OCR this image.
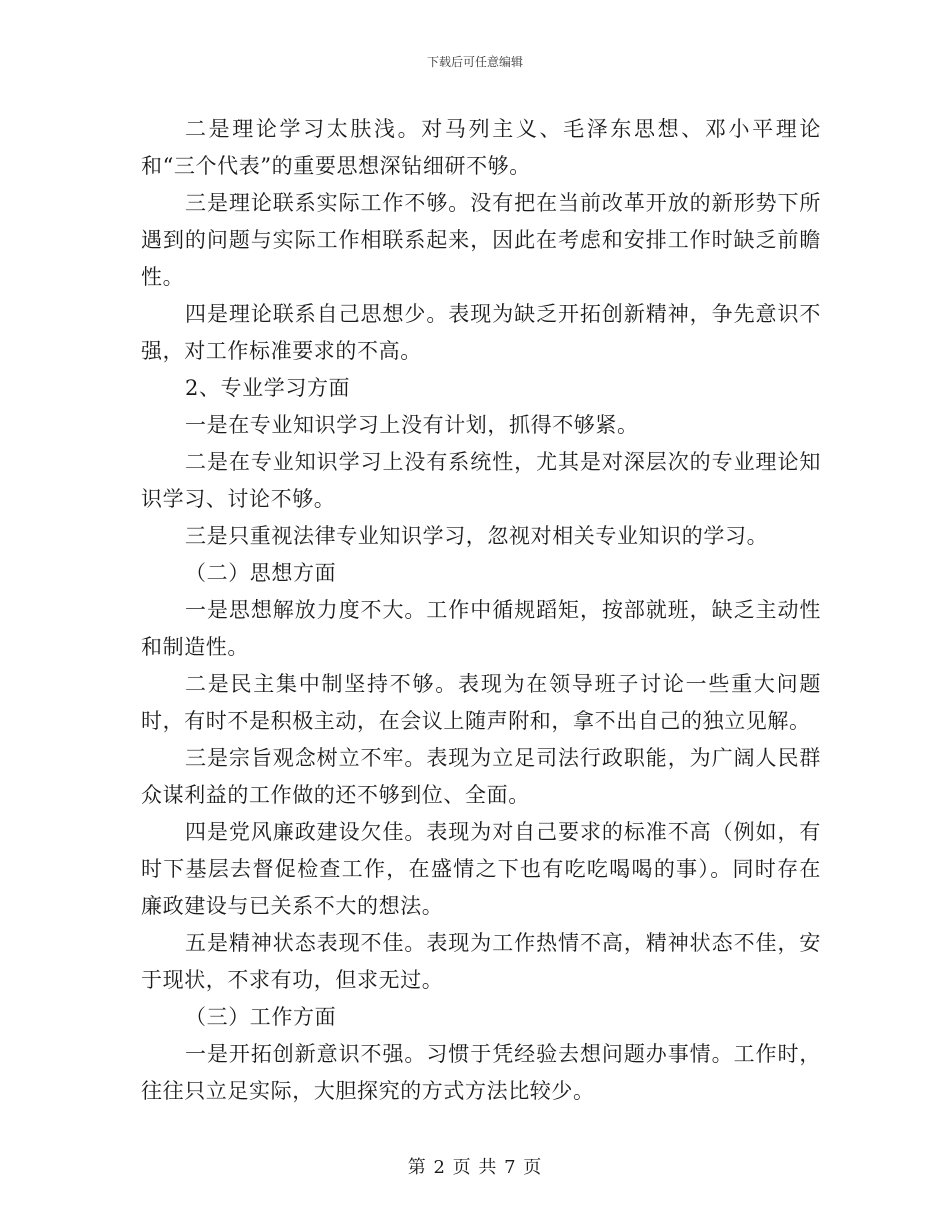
下载后可任意编辑

二是理论学习太肤浅。对马列主义、毛泽东思想、邓小平理论和“三个代表”的重要思想深钻细研不够。

三是理论联系实际工作不够。没有把在当前改革开放的新形势下所遇到的问题与实际工作相联系起来，因此在考虑和安排工作时缺乏前瞻性。

四是理论联系自己思想少。表现为缺乏开拓创新精神，争先意识不强，对工作标准要求的不高。

2、专业学习方面

一是在专业知识学习上没有计划，抓得不够紧。

二是在专业知识学习上没有系统性，尤其是对深层次的专业理论知识学习、讨论不够。

三是只重视法律专业知识学习，忽视对相关专业知识的学习。

（二）思想方面

一是思想解放力度不大。工作中循规蹈矩，按部就班，缺乏主动性和制造性。

二是民主集中制坚持不够。表现为在领导班子讨论一些重大问题时，有时不是积极主动，在会议上随声附和，拿不出自己的独立见解。

三是宗旨观念树立不牢。表现为立足司法行政职能，为广阔人民群众谋利益的工作做的还不够到位、全面。

四是党风廉政建设欠佳。表现为对自己要求的标准不高（例如，有时下基层去督促检查工作，在盛情之下也有吃吃喝喝的事）。同时存在廉政建设与已关系不大的想法。

五是精神状态表现不佳。表现为工作热情不高，精神状态不佳，安于现状，不求有功，但求无过。

（三）工作方面

一是开拓创新意识不强。习惯于凭经验去想问题办事情。工作时，往往只立足实际，大胆探究的方式方法比较少。

第 2 页 共 7 页
